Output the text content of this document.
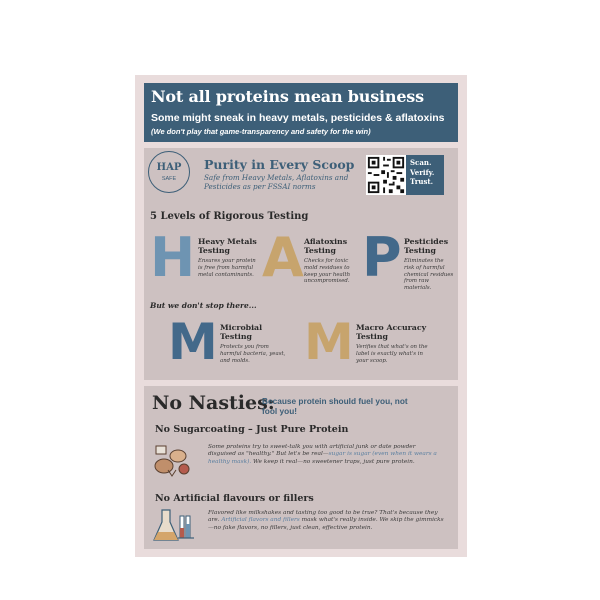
Not all proteins mean business
Some might sneak in heavy metals, pesticides & aflatoxins
(We don't play that game-transparency and safety for the win)
HAP
SAFE
Purity in Every Scoop
Safe from Heavy Metals, Aflatoxins and Pesticides as per FSSAI norms
Scan.
Verify.
Trust.
5 Levels of Rigorous Testing
H Heavy Metals Testing
Ensures your protein is free from harmful metal contaminants. A Aflatoxins Testing
Checks for toxic mold residues to keep your health uncompromised. P Pesticides Testing
Eliminates the risk of harmful chemical residues from raw materials.
But we don't stop there...
M Microbial Testing
Protects you from harmful bacteria, yeast, and molds.	M Macro Accuracy Testing
Verifies that what's on the label is exactly what's in your scoop.
No Nasties:
Because protein should fuel you, not fool you!
No Sugarcoating – Just Pure Protein
Some proteins try to sweet-talk you with artificial junk or date powder disguised as "healthy." But let's be real—sugar is sugar (even when it wears a healthy mask). We keep it real—no sweetener traps, just pure protein.
No Artificial flavours or fillers
Flavored like milkshakes and tasting too good to be true? That's because they are. Artificial flavors and fillers mask what's really inside. We skip the gimmicks—no fake flavors, no fillers, just clean, effective protein.
